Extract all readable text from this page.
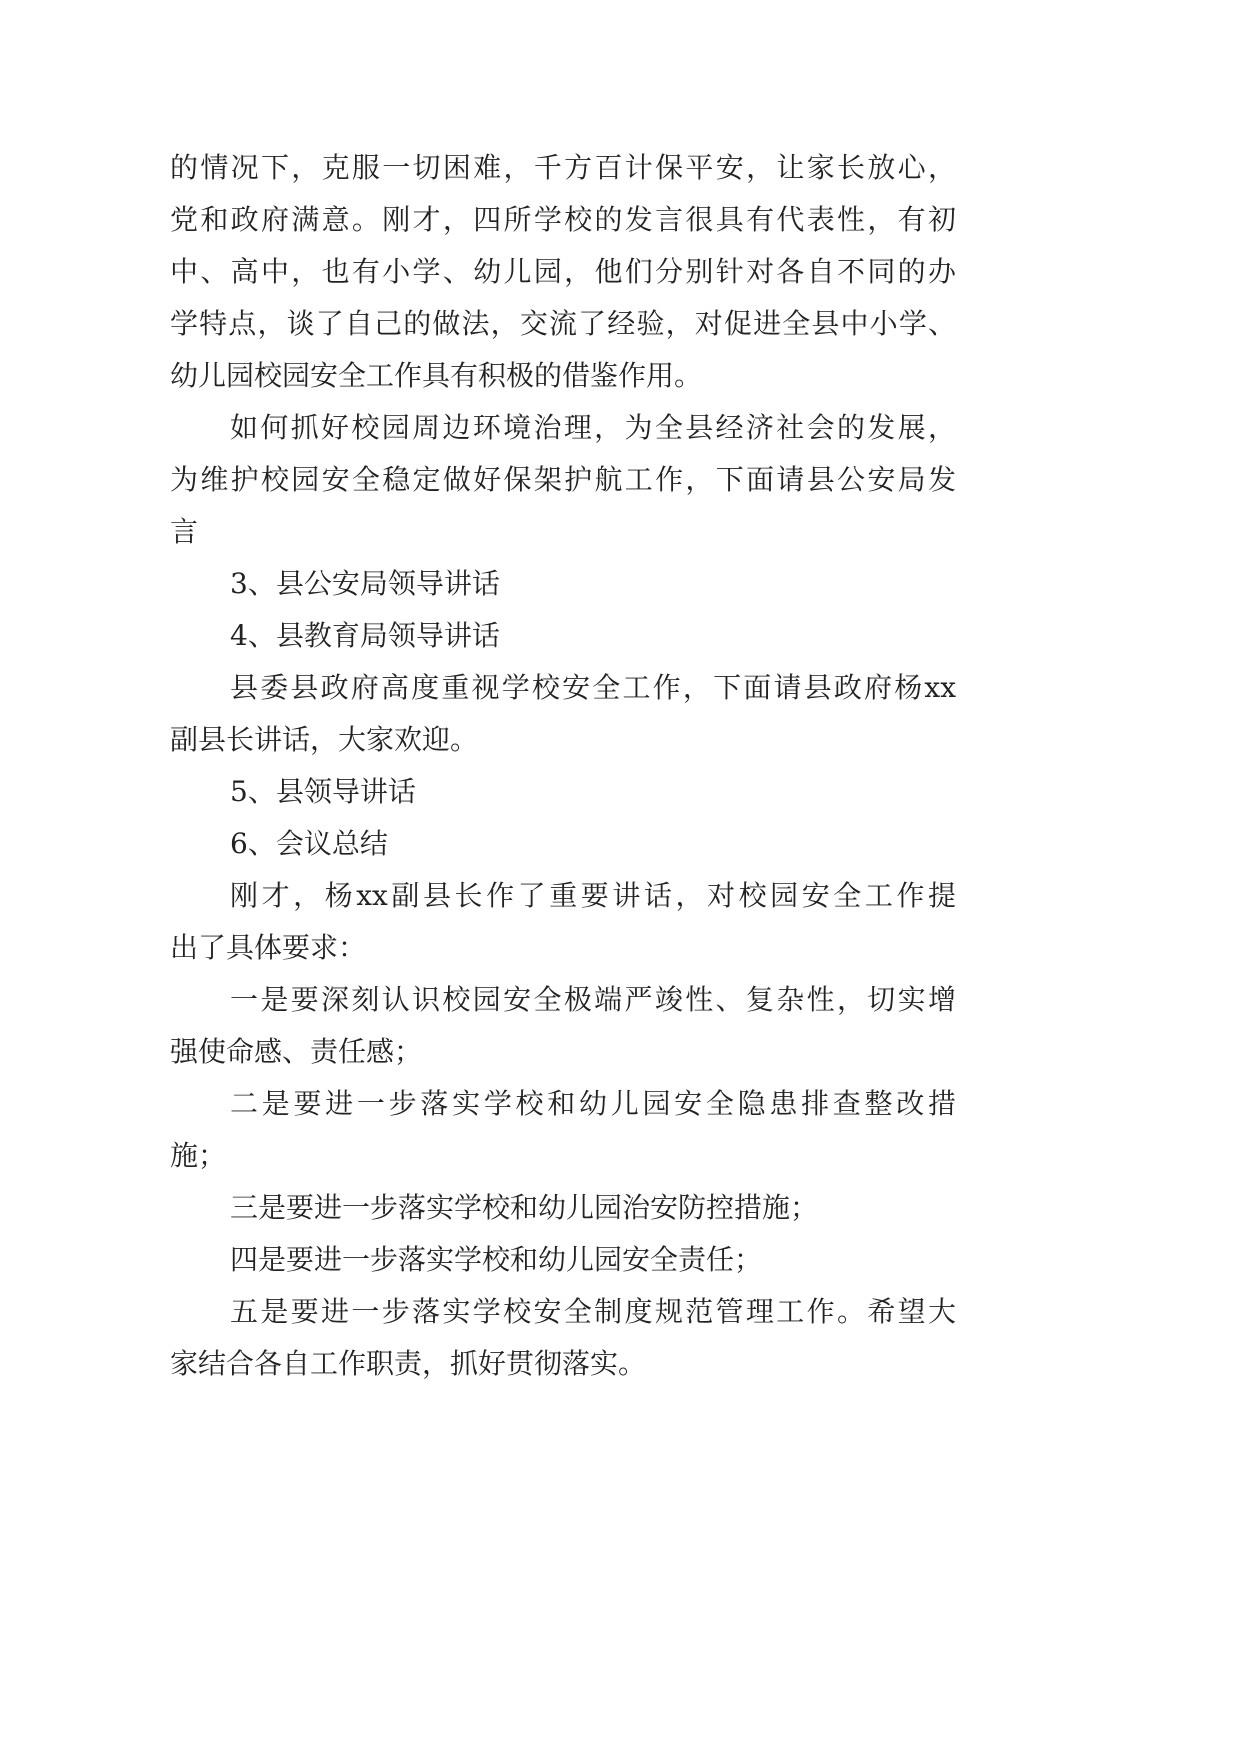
的情况下，克服一切困难，千方百计保平安，让家长放心，
党和政府满意。刚才，四所学校的发言很具有代表性，有初
中、高中，也有小学、幼儿园，他们分别针对各自不同的办
学特点，谈了自己的做法，交流了经验，对促进全县中小学、
幼儿园校园安全工作具有积极的借鉴作用。
如何抓好校园周边环境治理，为全县经济社会的发展，
为维护校园安全稳定做好保架护航工作，下面请县公安局发
言
3、县公安局领导讲话
4、县教育局领导讲话
县委县政府高度重视学校安全工作，下面请县政府杨xx
副县长讲话，大家欢迎。
5、县领导讲话
6、会议总结
刚才，杨xx副县长作了重要讲话，对校园安全工作提
出了具体要求：
一是要深刻认识校园安全极端严竣性、复杂性，切实增
强使命感、责任感；
二是要进一步落实学校和幼儿园安全隐患排查整改措
施；
三是要进一步落实学校和幼儿园治安防控措施；
四是要进一步落实学校和幼儿园安全责任；
五是要进一步落实学校安全制度规范管理工作。希望大
家结合各自工作职责，抓好贯彻落实。
